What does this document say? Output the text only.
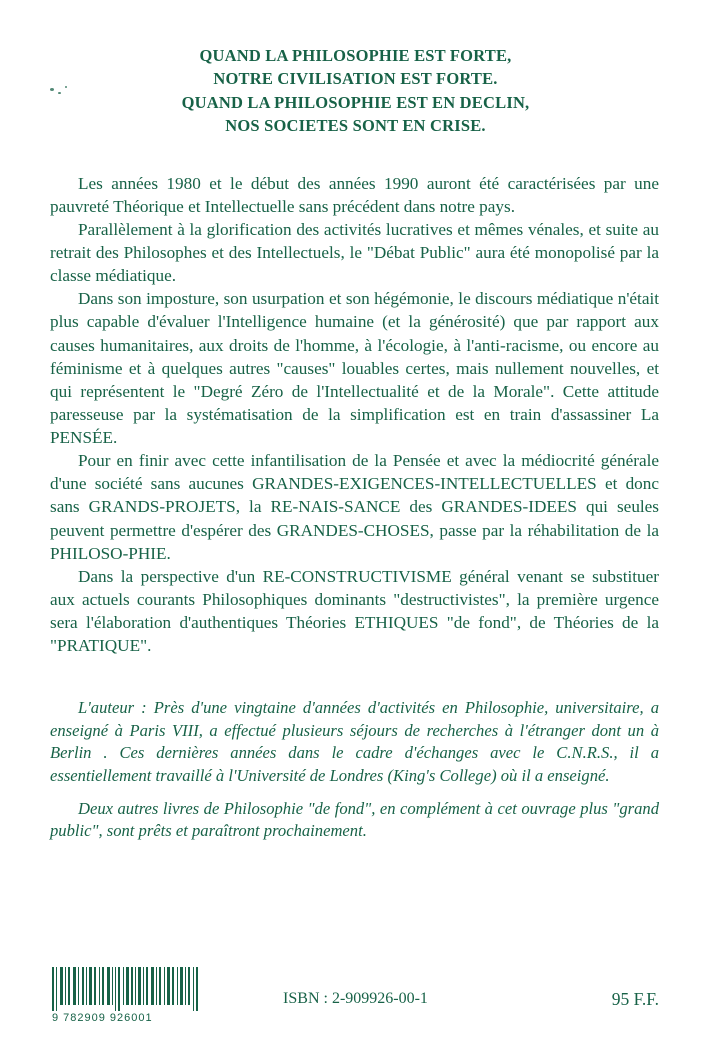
QUAND LA PHILOSOPHIE EST FORTE,
NOTRE CIVILISATION EST FORTE.
QUAND LA PHILOSOPHIE EST EN DECLIN,
NOS SOCIETES SONT EN CRISE.

Les années 1980 et le début des années 1990 auront été caractérisées par une pauvreté Théorique et Intellectuelle sans précédent dans notre pays.

Parallèlement à la glorification des activités lucratives et mêmes vénales, et suite au retrait des Philosophes et des Intellectuels, le "Débat Public" aura été monopolisé par la classe médiatique.

Dans son imposture, son usurpation et son hégémonie, le discours médiatique n'était plus capable d'évaluer l'Intelligence humaine (et la générosité) que par rapport aux causes humanitaires, aux droits de l'homme, à l'écologie, à l'anti-racisme, ou encore au féminisme et à quelques autres "causes" louables certes, mais nullement nouvelles, et qui représentent le "Degré Zéro de l'Intellectualité et de la Morale". Cette attitude paresseuse par la systématisation de la simplification est en train d'assassiner La PENSÉE.

Pour en finir avec cette infantilisation de la Pensée et avec la médiocrité générale d'une société sans aucunes GRANDES-EXIGENCES-INTELLECTUELLES et donc sans GRANDS-PROJETS, la RE-NAIS-SANCE des GRANDES-IDEES qui seules peuvent permettre d'espérer des GRANDES-CHOSES, passe par la réhabilitation de la PHILOSO-PHIE.

Dans la perspective d'un RE-CONSTRUCTIVISME général venant se substituer aux actuels courants Philosophiques dominants "destructivistes", la première urgence sera l'élaboration d'authentiques Théories ETHIQUES "de fond", de Théories de la "PRATIQUE".

L'auteur : Près d'une vingtaine d'années d'activités en Philosophie, universitaire, a enseigné à Paris VIII, a effectué plusieurs séjours de recherches à l'étranger dont un à Berlin . Ces dernières années dans le cadre d'échanges avec le C.N.R.S., il a essentiellement travaillé à l'Université de Londres (King's College) où il a enseigné.

Deux autres livres de Philosophie "de fond", en complément à cet ouvrage plus "grand public", sont prêts et paraîtront prochainement.

9 782909 926001
ISBN : 2-909926-00-1	95 F.F.
